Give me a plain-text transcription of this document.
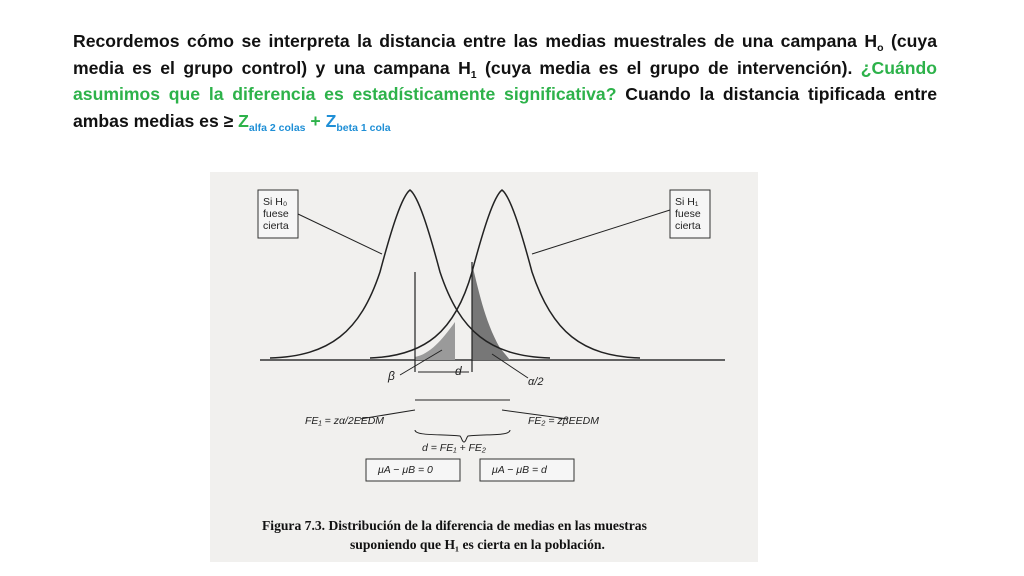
Recordemos cómo se interpreta la distancia entre las medias muestrales de una campana $H_o$ (cuya media es el grupo control) y una campana $H_1$ (cuya media es el grupo de intervención). ¿Cuándo asumimos que la diferencia es estadísticamente significativa? Cuando la distancia tipificada entre ambas medias es ≥ $Z_{alfa 2 colas} + Z_{beta 1 cola}$
Si H₀
fuese
cierta
Si H₁
fuese
cierta
β	d
α/2
FE₁ = zα/2EEDM	FE₂ = zβEEDM
d = FE₁ + FE₂
μA − μB = 0	μA − μB = d
Figura 7.3. Distribución de la diferencia de medias en las muestras
suponiendo que H₁ es cierta en la población.
